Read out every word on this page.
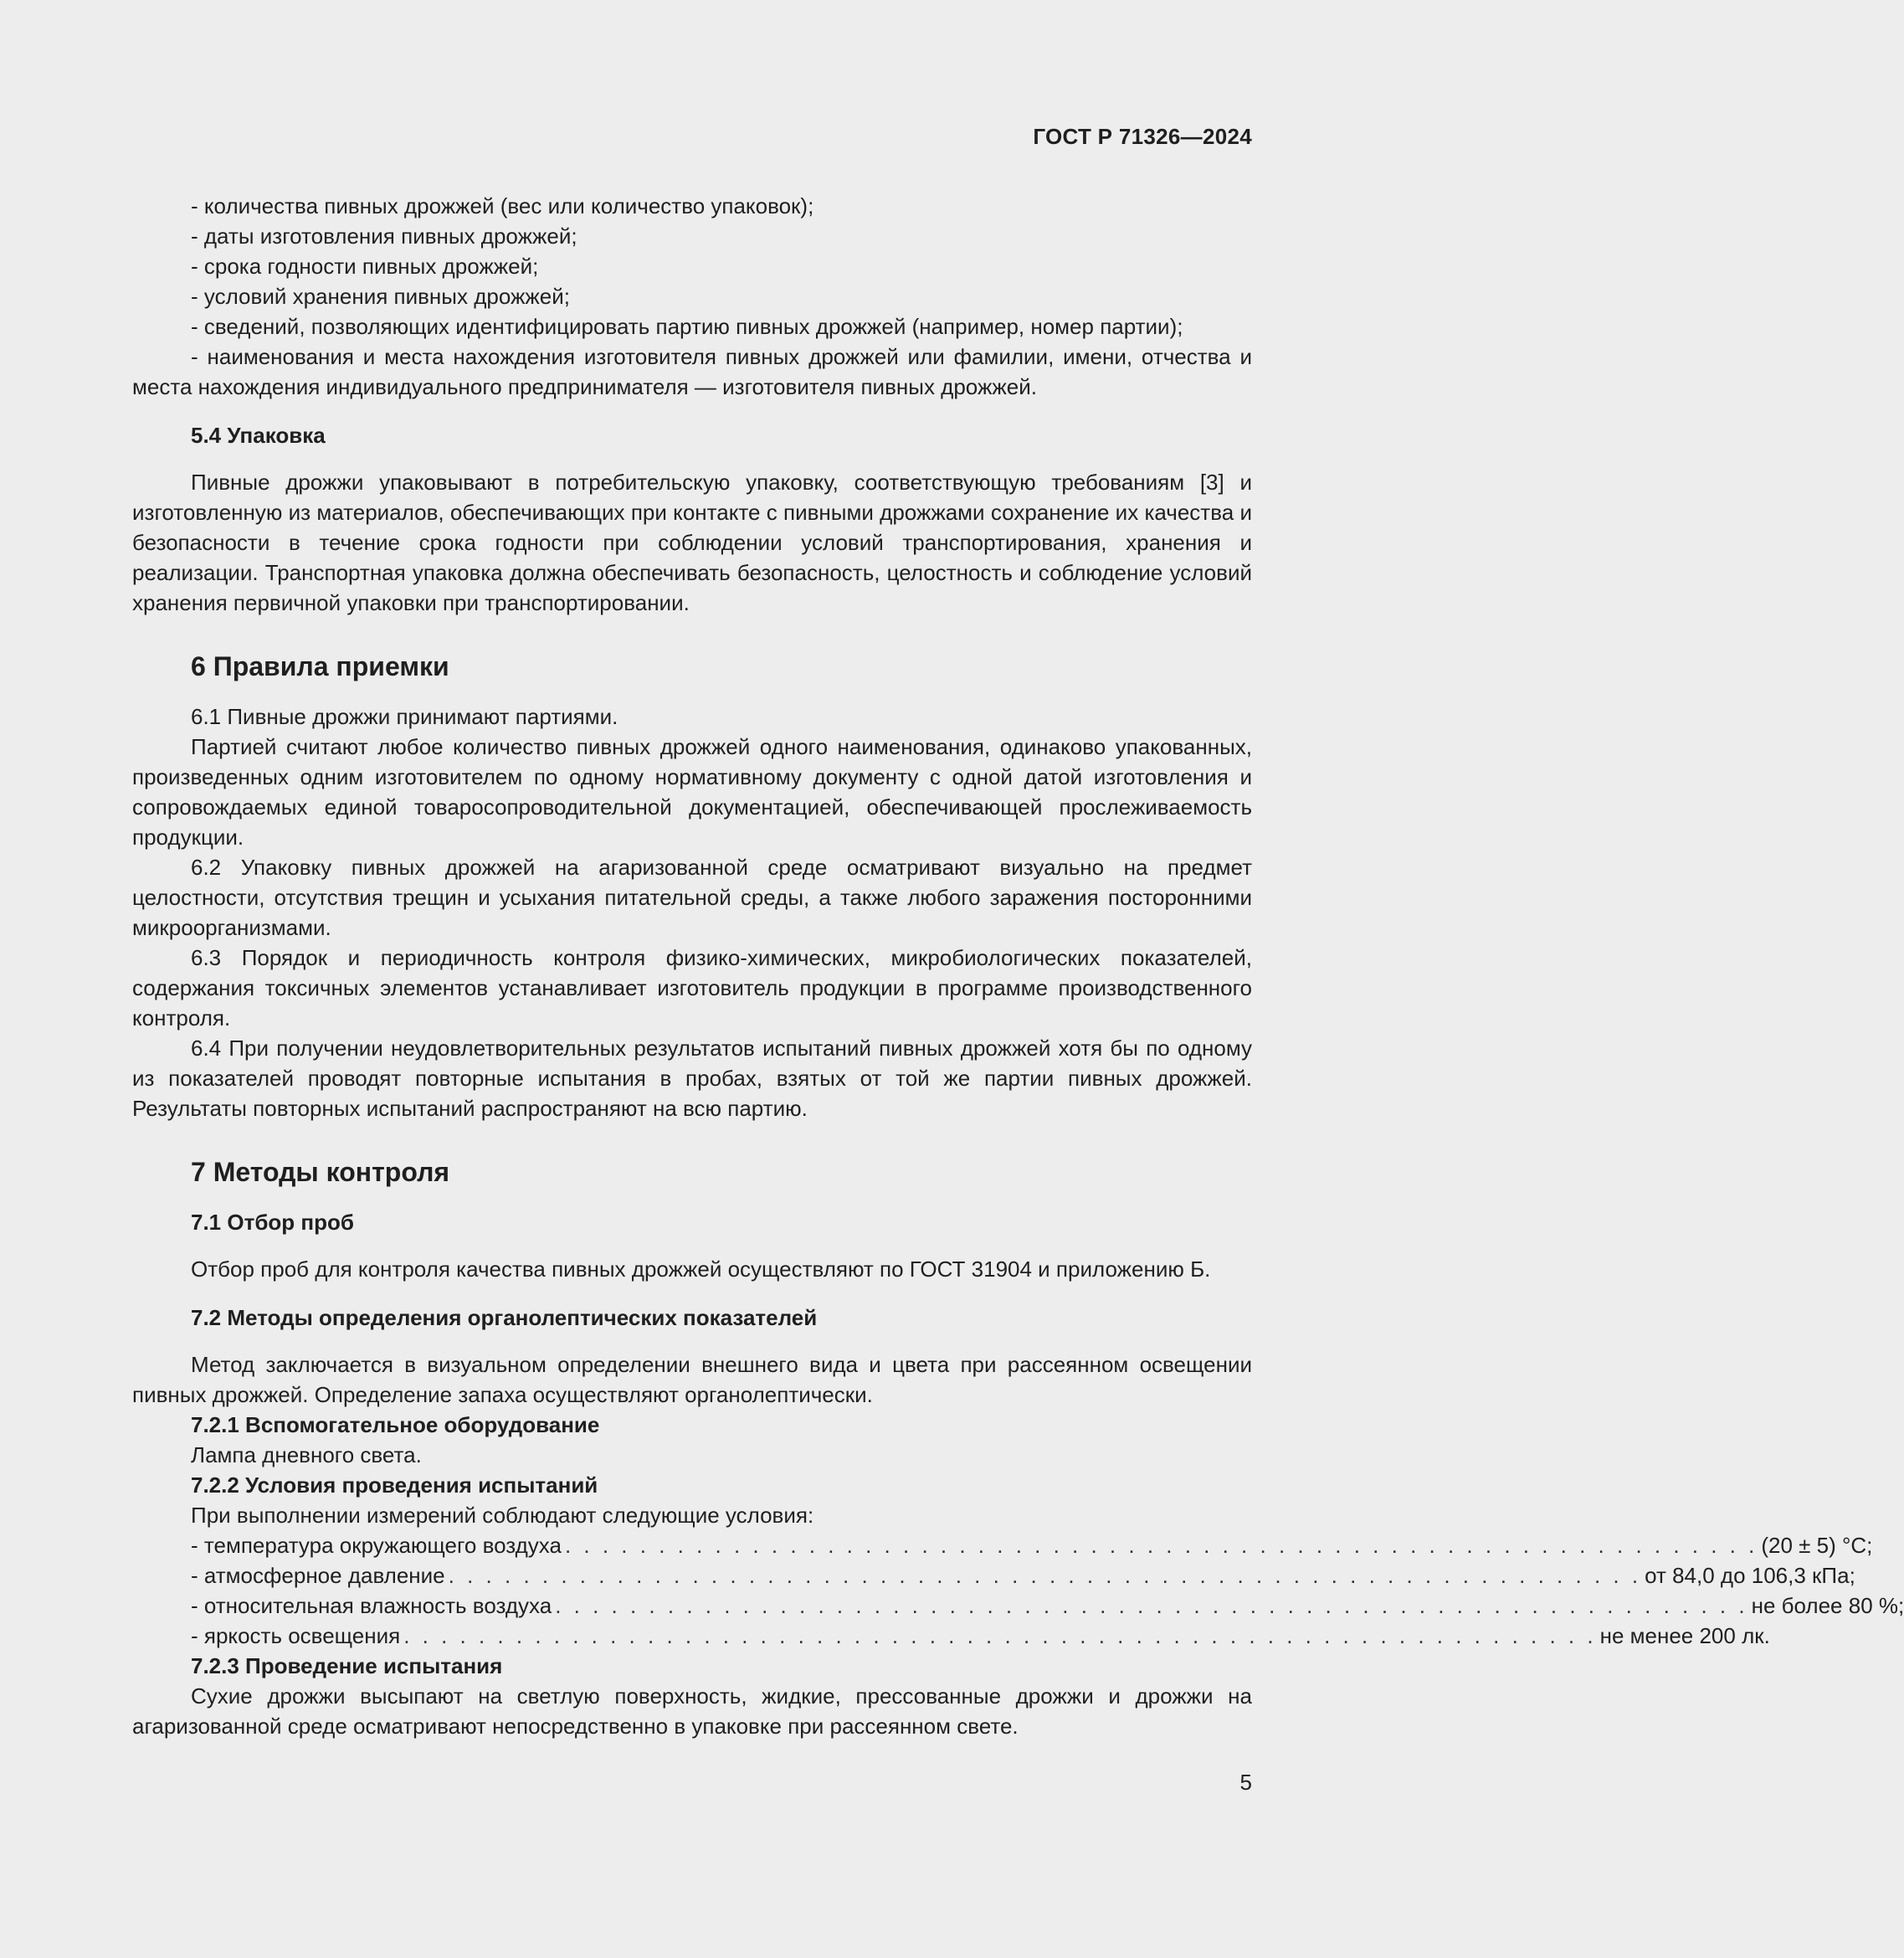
ГОСТ Р 71326—2024

- количества пивных дрожжей (вес или количество упаковок);

- даты изготовления пивных дрожжей;

- срока годности пивных дрожжей;

- условий хранения пивных дрожжей;

- сведений, позволяющих идентифицировать партию пивных дрожжей (например, номер партии);

- наименования и места нахождения изготовителя пивных дрожжей или фамилии, имени, отчества и места нахождения индивидуального предпринимателя — изготовителя пивных дрожжей.

5.4 Упаковка

Пивные дрожжи упаковывают в потребительскую упаковку, соответствующую требованиям [3] и изготовленную из материалов, обеспечивающих при контакте с пивными дрожжами сохранение их качества и безопасности в течение срока годности при соблюдении условий транспортирования, хранения и реализации. Транспортная упаковка должна обеспечивать безопасность, целостность и соблюдение условий хранения первичной упаковки при транспортировании.

6 Правила приемки

6.1 Пивные дрожжи принимают партиями.

Партией считают любое количество пивных дрожжей одного наименования, одинаково упакованных, произведенных одним изготовителем по одному нормативному документу с одной датой изготовления и сопровождаемых единой товаросопроводительной документацией, обеспечивающей прослеживаемость продукции.

6.2 Упаковку пивных дрожжей на агаризованной среде осматривают визуально на предмет целостности, отсутствия трещин и усыхания питательной среды, а также любого заражения посторонними микроорганизмами.

6.3 Порядок и периодичность контроля физико-химических, микробиологических показателей, содержания токсичных элементов устанавливает изготовитель продукции в программе производственного контроля.

6.4 При получении неудовлетворительных результатов испытаний пивных дрожжей хотя бы по одному из показателей проводят повторные испытания в пробах, взятых от той же партии пивных дрожжей. Результаты повторных испытаний распространяют на всю партию.

7 Методы контроля
7.1 Отбор проб

Отбор проб для контроля качества пивных дрожжей осуществляют по ГОСТ 31904 и приложению Б.

7.2 Методы определения органолептических показателей

Метод заключается в визуальном определении внешнего вида и цвета при рассеянном освещении пивных дрожжей. Определение запаха осуществляют органолептически.

7.2.1 Вспомогательное оборудование

Лампа дневного света.

7.2.2 Условия проведения испытаний

При выполнении измерений соблюдают следующие условия:

- температура окружающего воздуха . . . . . . . . . . . . . . . . . . . . . . . . . . . . . . . . . . . . . . . . . . . . . . . . . . . . . . . . . . . . . . . . (20 ± 5) °С;
- атмосферное давление . . . . . . . . . . . . . . . . . . . . . . . . . . . . . . . . . . . . . . . . . . . . . . . . . . . . . . . . . . . . . . . . от 84,0 до 106,3 кПа;
- относительная влажность воздуха . . . . . . . . . . . . . . . . . . . . . . . . . . . . . . . . . . . . . . . . . . . . . . . . . . . . . . . . . . . . . . . . не более 80 %;
- яркость освещения . . . . . . . . . . . . . . . . . . . . . . . . . . . . . . . . . . . . . . . . . . . . . . . . . . . . . . . . . . . . . . . . не менее 200 лк.
7.2.3 Проведение испытания

Сухие дрожжи высыпают на светлую поверхность, жидкие, прессованные дрожжи и дрожжи на агаризованной среде осматривают непосредственно в упаковке при рассеянном свете.

5
